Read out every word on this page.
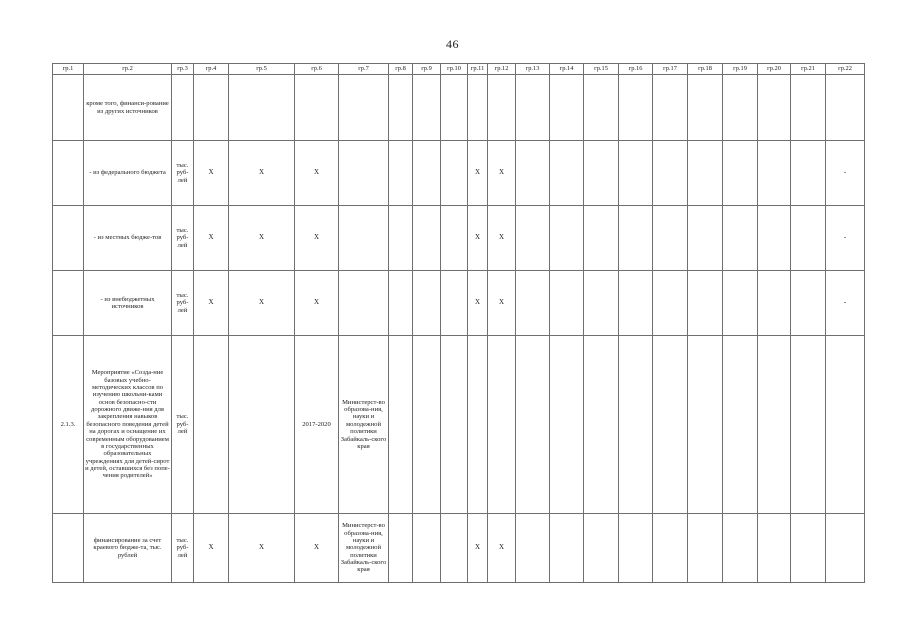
46
гр.1	гр.2	гр.3	гр.4	гр.5	гр.6	гр.7	гр.8	гр.9	гр.10	гр.11	гр.12	гр.13	гр.14	гр.15	гр.16	гр.17	гр.18	гр.19	гр.20	гр.21	гр.22
	кроме того, финанси-рование из других источников																				
	- из федерального бюджета	тыс. руб-лей	X	X	X					X	X										-
	- из местных бюдже-тов	тыс. руб-лей	X	X	X					X	X										-
	- из внебюджетных источников	тыс. руб-лей	X	X	X					X	X										-
2.1.3.	Мероприятие «Созда-ние базовых учебно-методических классов по изучению школьни-ками основ безопасно-сти дорожного движе-ния для закрепления навыков безопасного поведения детей на дорогах и оснащение их современным оборудованием в государственных образовательных учреждениях для детей-сирот и детей, оставшихся без попе-чения родителей»	тыс. руб-лей			2017-2020	Министерст-во образова-ния, науки и молодежной политики Забайкаль-ского края															
	финансирование за счет краевого бюдже-та, тыс. рублей	тыс. руб-лей	X	X	X	Министерст-во образова-ния, науки и молодежной политики Забайкаль-ского края				X	X										
